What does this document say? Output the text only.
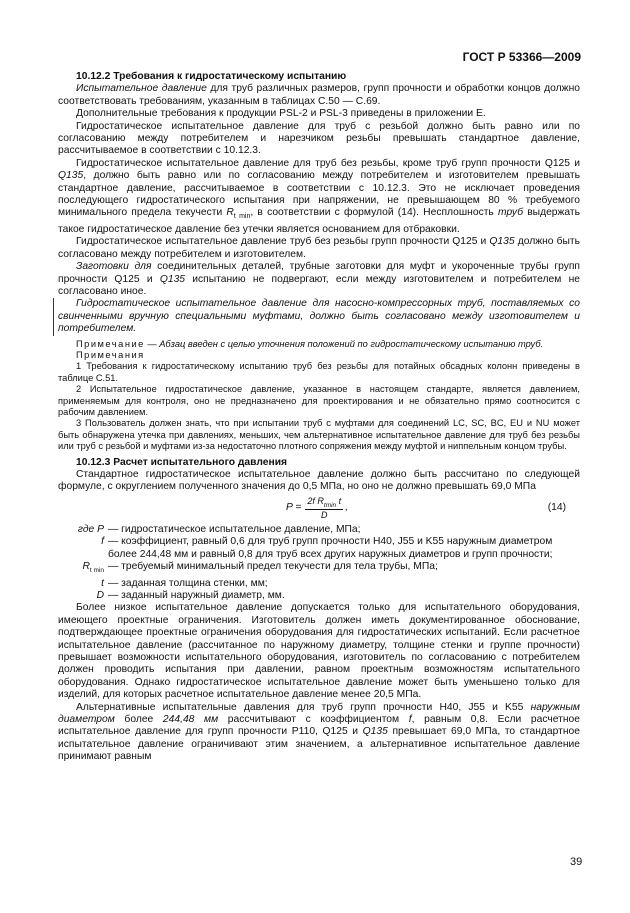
ГОСТ Р 53366—2009
10.12.2 Требования к гидростатическому испытанию

Испытательное давление для труб различных размеров, групп прочности и обработки концов должно соответствовать требованиям, указанным в таблицах С.50 — С.69.

Дополнительные требования к продукции PSL-2 и PSL-3 приведены в приложении Е.

Гидростатическое испытательное давление для труб с резьбой должно быть равно или по согласованию между потребителем и нарезчиком резьбы превышать стандартное давление, рассчитываемое в соответствии с 10.12.3.

Гидростатическое испытательное давление для труб без резьбы, кроме труб групп прочности Q125 и Q135, должно быть равно или по согласованию между потребителем и изготовителем превышать стандартное давление, рассчитываемое в соответствии с 10.12.3. Это не исключает проведения последующего гидростатического испытания при напряжении, не превышающем 80 % требуемого минимального предела текучести $R_{t min}$, в соответствии с формулой (14). Несплошность труб выдержать такое гидростатическое давление без утечки является основанием для отбраковки.

Гидростатическое испытательное давление труб без резьбы групп прочности Q125 и Q135 должно быть согласовано между потребителем и изготовителем.

Заготовки для соединительных деталей, трубные заготовки для муфт и укороченные трубы групп прочности Q125 и Q135 испытанию не подвергают, если между изготовителем и потребителем не согласовано иное.

Гидростатическое испытательное давление для насосно-компрессорных труб, поставляемых со свинченными вручную специальными муфтами, должно быть согласовано между изготовителем и потребителем.

Примечание — Абзац введен с целью уточнения положений по гидростатическому испытанию труб.

Примечания

1 Требования к гидростатическому испытанию труб без резьбы для потайных обсадных колонн приведены в таблице С.51.

2 Испытательное гидростатическое давление, указанное в настоящем стандарте, является давлением, применяемым для контроля, оно не предназначено для проектирования и не обязательно прямо соотносится с рабочим давлением.

3 Пользователь должен знать, что при испытании труб с муфтами для соединений LC, SC, BC, EU и NU может быть обнаружена утечка при давлениях, меньших, чем альтернативное испытательное давление для труб без резьбы или труб с резьбой и муфтами из-за недостаточно плотного сопряжения между муфтой и ниппельным концом трубы.

10.12.3 Расчет испытательного давления

Стандартное гидростатическое испытательное давление должно быть рассчитано по следующей формуле, с округлением полученного значения до 0,5 МПа, но оно не должно превышать 69,0 МПа

$P = \frac{2f R_{tmin} t}{D}$ ,	(14)
где P — гидростатическое испытательное давление, МПа;
f — коэффициент, равный 0,6 для труб групп прочности H40, J55 и K55 наружным диаметром более 244,48 мм и равный 0,8 для труб всех других наружных диаметров и групп прочности;
$R_{t min}$ — требуемый минимальный предел текучести для тела трубы, МПа;
t — заданная толщина стенки, мм;
D — заданный наружный диаметр, мм.

Более низкое испытательное давление допускается только для испытательного оборудования, имеющего проектные ограничения. Изготовитель должен иметь документированное обоснование, подтверждающее проектные ограничения оборудования для гидростатических испытаний. Если расчетное испытательное давление (рассчитанное по наружному диаметру, толщине стенки и группе прочности) превышает возможности испытательного оборудования, изготовитель по согласованию с потребителем должен проводить испытания при давлении, равном проектным возможностям испытательного оборудования. Однако гидростатическое испытательное давление может быть уменьшено только для изделий, для которых расчетное испытательное давление менее 20,5 МПа.

Альтернативные испытательные давления для труб групп прочности H40, J55 и K55 наружным диаметром более 244,48 мм рассчитывают с коэффициентом f, равным 0,8. Если расчетное испытательное давление для групп прочности P110, Q125 и Q135 превышает 69,0 МПа, то стандартное испытательное давление ограничивают этим значением, а альтернативное испытательное давление принимают равным

39
